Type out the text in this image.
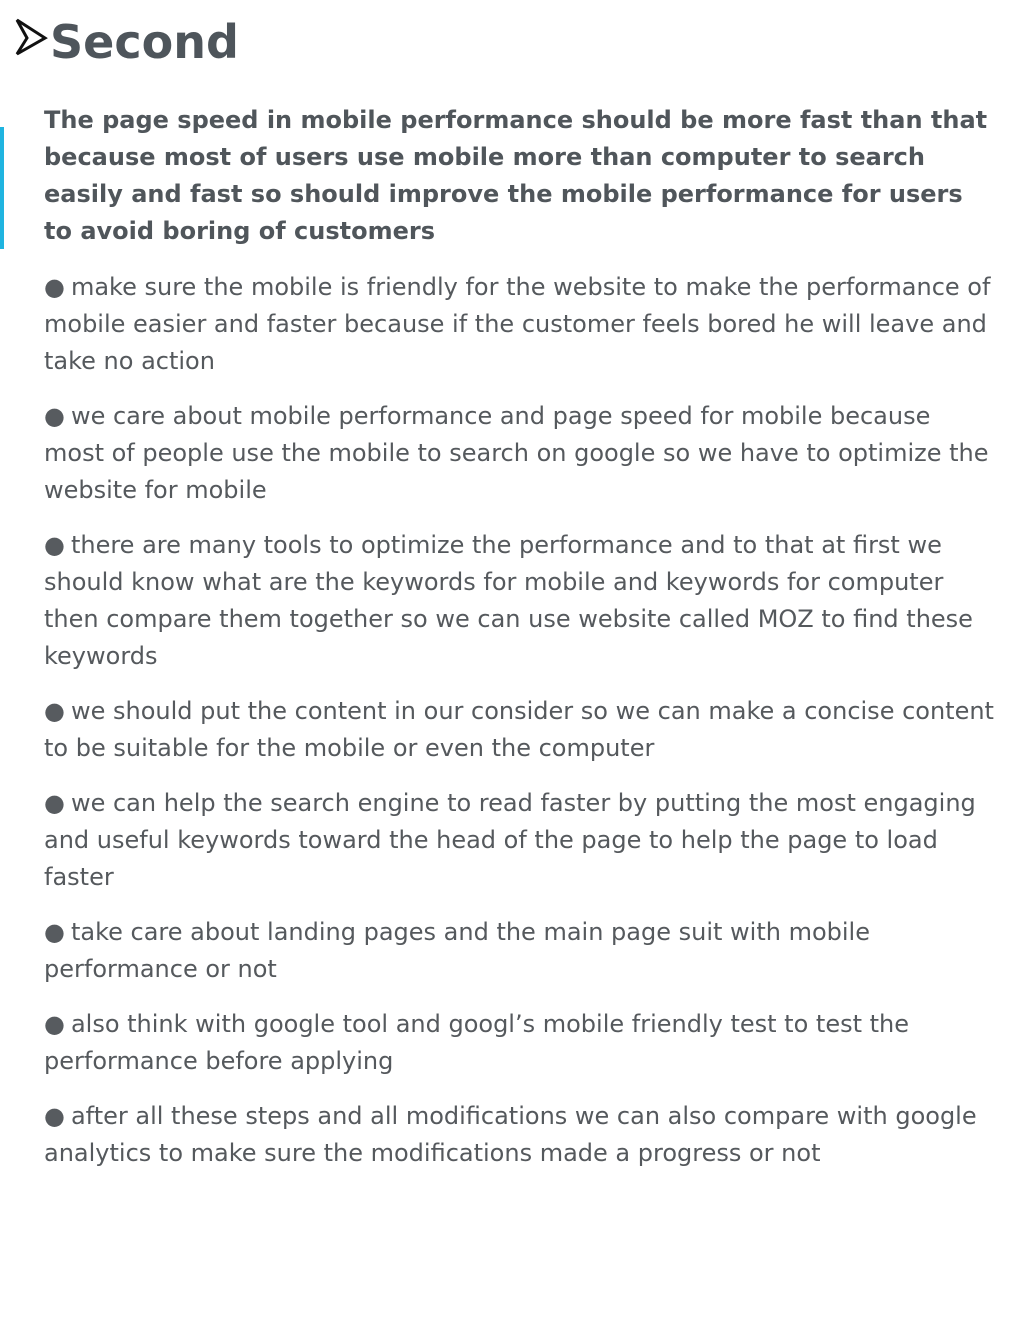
Second

The page speed in mobile performance should be more fast than that because most of users use mobile more than computer to search easily and fast so should improve the mobile performance for users to avoid boring of customers

● make sure the mobile is friendly for the website to make the performance of mobile easier and faster because if the customer feels bored he will leave and take no action
● we care about mobile performance and page speed for mobile because most of people use the mobile to search on google so we have to optimize the website for mobile
● there are many tools to optimize the performance and to that at first we should know what are the keywords for mobile and keywords for computer then compare them together so we can use website called MOZ to find these keywords
● we should put the content in our consider so we can make a concise content to be suitable for the mobile or even the computer
● we can help the search engine to read faster by putting the most engaging and useful keywords toward the head of the page to help the page to load faster
● take care about landing pages and the main page suit with mobile performance or not
● also think with google tool and googl’s mobile friendly test to test the performance before applying
● after all these steps and all modifications we can also compare with google analytics to make sure the modifications made a progress or not
